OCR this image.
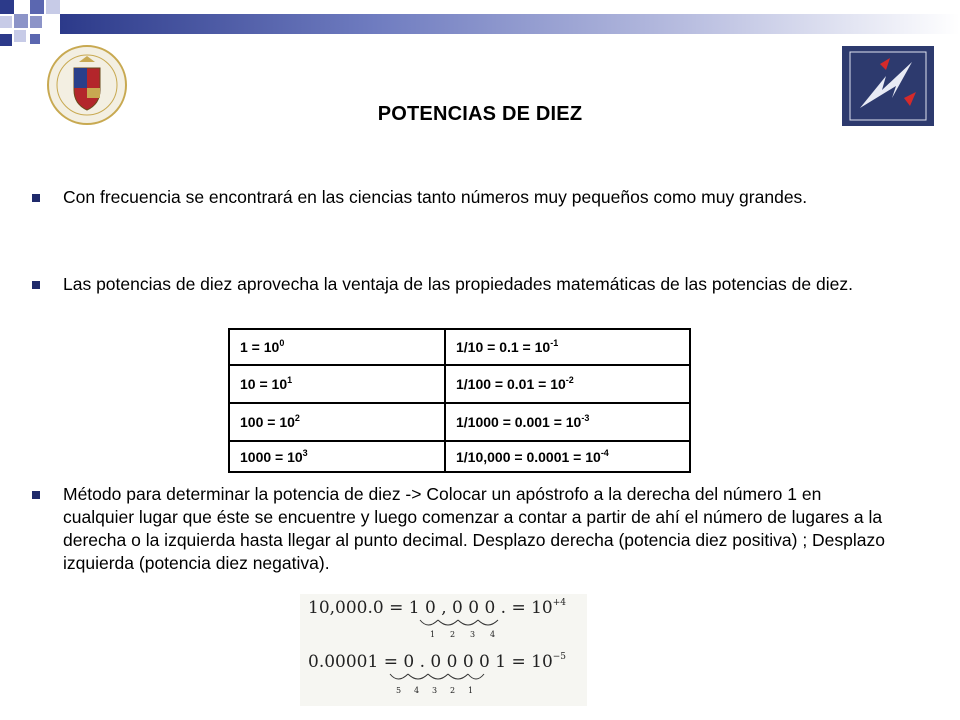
POTENCIAS DE DIEZ
Con frecuencia se encontrará en las ciencias tanto números muy pequeños como muy grandes.
Las potencias de diez aprovecha la ventaja de las propiedades matemáticas de las potencias de diez.
$1 = 10^0$	$1/10 = 0.1 = 10^{-1}$
$10 = 10^1$	$1/100 = 0.01 = 10^{-2}$
$100 = 10^2$	$1/1000 = 0.001 = 10^{-3}$
$1000 = 10^3$	$1/10,000 = 0.0001 = 10^{-4}$
Método para determinar la potencia de diez -> Colocar un apóstrofo a la derecha del número 1 en cualquier lugar que éste se encuentre y luego comenzar a contar a partir de ahí el número de lugares a la derecha o la izquierda hasta llegar al punto decimal. Desplazo derecha (potencia diez positiva) ; Desplazo izquierda (potencia diez negativa).
10,000.0 = 1 0 , 0 0 0 . = $10^{+4}$
1 2 3 4
0.00001 = 0 . 0 0 0 0 $1 = 10^{-5}$
5 4 3 2 1
